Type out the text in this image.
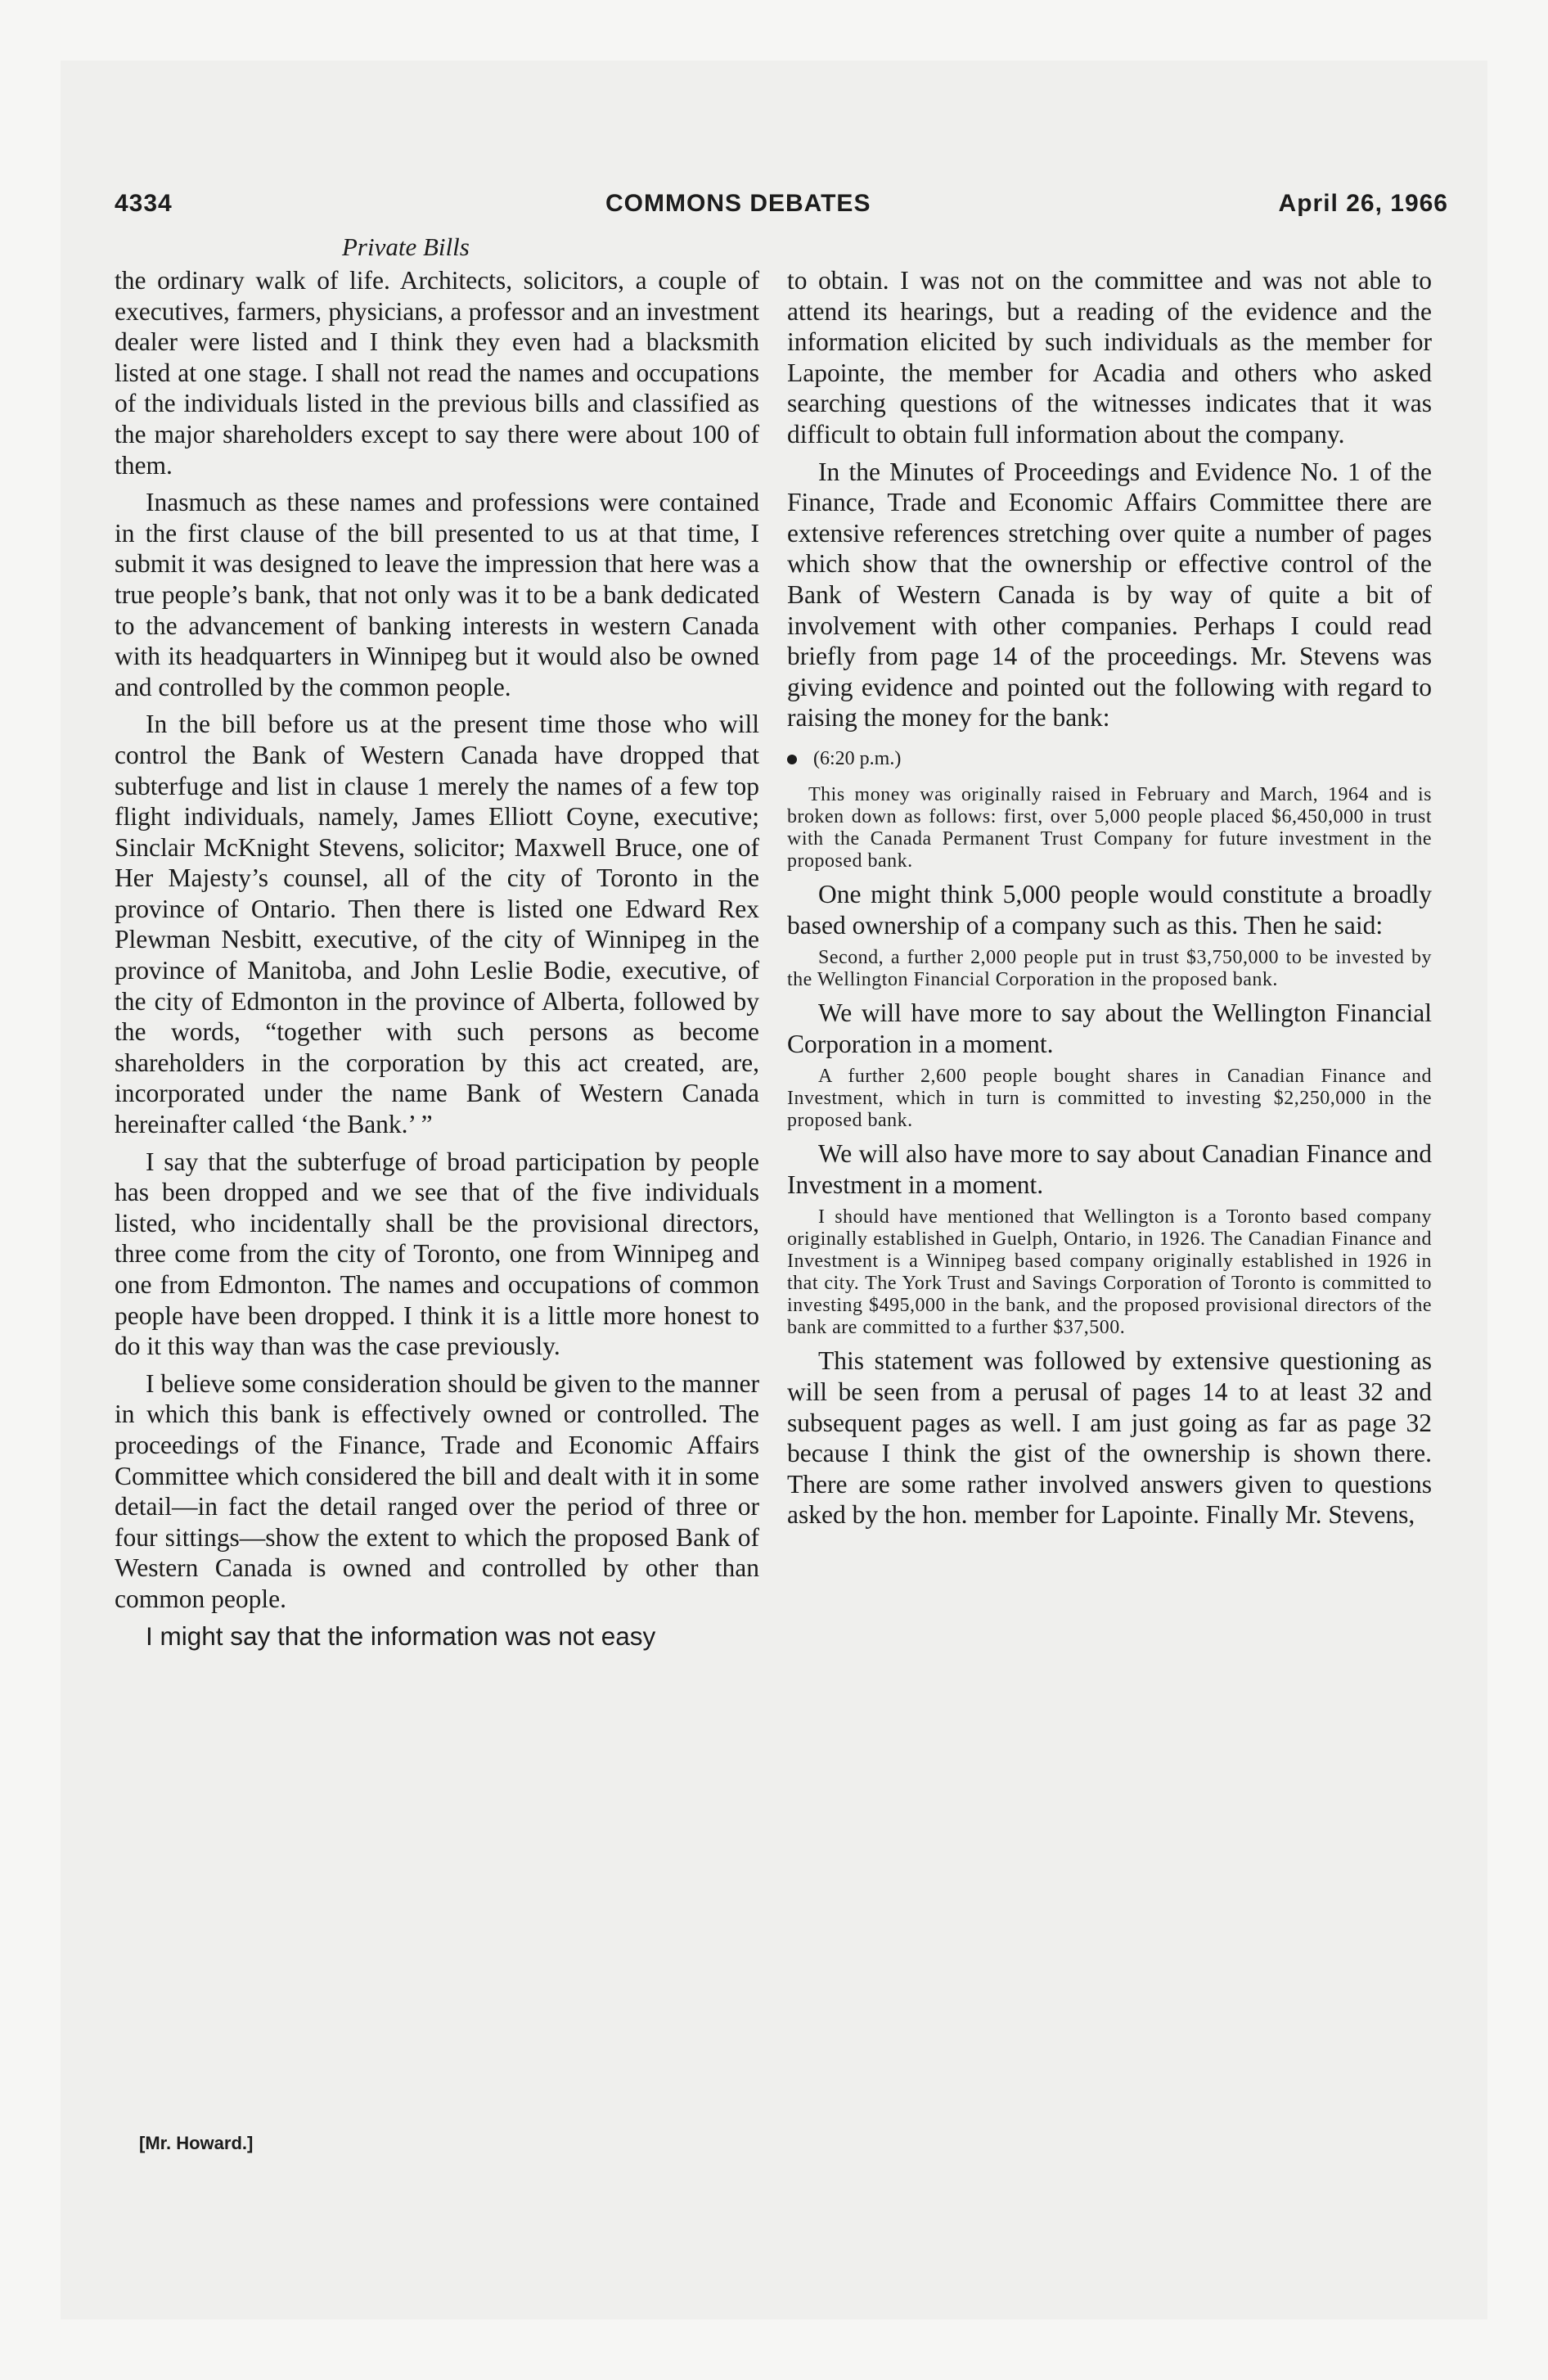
4334	COMMONS DEBATES	April 26, 1966
Private Bills

the ordinary walk of life. Architects, solicitors, a couple of executives, farmers, physicians, a professor and an investment dealer were listed and I think they even had a blacksmith listed at one stage. I shall not read the names and occupations of the individuals listed in the previous bills and classified as the major shareholders except to say there were about 100 of them.

Inasmuch as these names and professions were contained in the first clause of the bill presented to us at that time, I submit it was designed to leave the impression that here was a true people’s bank, that not only was it to be a bank dedicated to the advancement of banking interests in western Canada with its headquarters in Winnipeg but it would also be owned and controlled by the common people.

In the bill before us at the present time those who will control the Bank of Western Canada have dropped that subterfuge and list in clause 1 merely the names of a few top flight individuals, namely, James Elliott Coyne, executive; Sinclair McKnight Stevens, solicitor; Maxwell Bruce, one of Her Majesty’s counsel, all of the city of Toronto in the province of Ontario. Then there is listed one Edward Rex Plewman Nesbitt, executive, of the city of Winnipeg in the province of Manitoba, and John Leslie Bodie, executive, of the city of Edmonton in the province of Alberta, followed by the words, “together with such persons as become shareholders in the corporation by this act created, are, incorporated under the name Bank of Western Canada hereinafter called ‘the Bank.’ ”

I say that the subterfuge of broad participation by people has been dropped and we see that of the five individuals listed, who incidentally shall be the provisional directors, three come from the city of Toronto, one from Winnipeg and one from Edmonton. The names and occupations of common people have been dropped. I think it is a little more honest to do it this way than was the case previously.

I believe some consideration should be given to the manner in which this bank is effectively owned or controlled. The proceedings of the Finance, Trade and Economic Affairs Committee which considered the bill and dealt with it in some detail—in fact the detail ranged over the period of three or four sittings—show the extent to which the proposed Bank of Western Canada is owned and controlled by other than common people.

I might say that the information was not easy

[Mr. Howard.]

to obtain. I was not on the committee and was not able to attend its hearings, but a reading of the evidence and the information elicited by such individuals as the member for Lapointe, the member for Acadia and others who asked searching questions of the witnesses indicates that it was difficult to obtain full information about the company.

In the Minutes of Proceedings and Evidence No. 1 of the Finance, Trade and Economic Affairs Committee there are extensive references stretching over quite a number of pages which show that the ownership or effective control of the Bank of Western Canada is by way of quite a bit of involvement with other companies. Perhaps I could read briefly from page 14 of the proceedings. Mr. Stevens was giving evidence and pointed out the following with regard to raising the money for the bank:

(6:20 p.m.)

This money was originally raised in February and March, 1964 and is broken down as follows: first, over 5,000 people placed $6,450,000 in trust with the Canada Permanent Trust Company for future investment in the proposed bank.

One might think 5,000 people would constitute a broadly based ownership of a company such as this. Then he said:

Second, a further 2,000 people put in trust $3,750,000 to be invested by the Wellington Financial Corporation in the proposed bank.

We will have more to say about the Wellington Financial Corporation in a moment.

A further 2,600 people bought shares in Canadian Finance and Investment, which in turn is committed to investing $2,250,000 in the proposed bank.

We will also have more to say about Canadian Finance and Investment in a moment.

I should have mentioned that Wellington is a Toronto based company originally established in Guelph, Ontario, in 1926. The Canadian Finance and Investment is a Winnipeg based company originally established in 1926 in that city. The York Trust and Savings Corporation of Toronto is committed to investing $495,000 in the bank, and the proposed provisional directors of the bank are committed to a further $37,500.

This statement was followed by extensive questioning as will be seen from a perusal of pages 14 to at least 32 and subsequent pages as well. I am just going as far as page 32 because I think the gist of the ownership is shown there. There are some rather involved answers given to questions asked by the hon. member for Lapointe. Finally Mr. Stevens,
